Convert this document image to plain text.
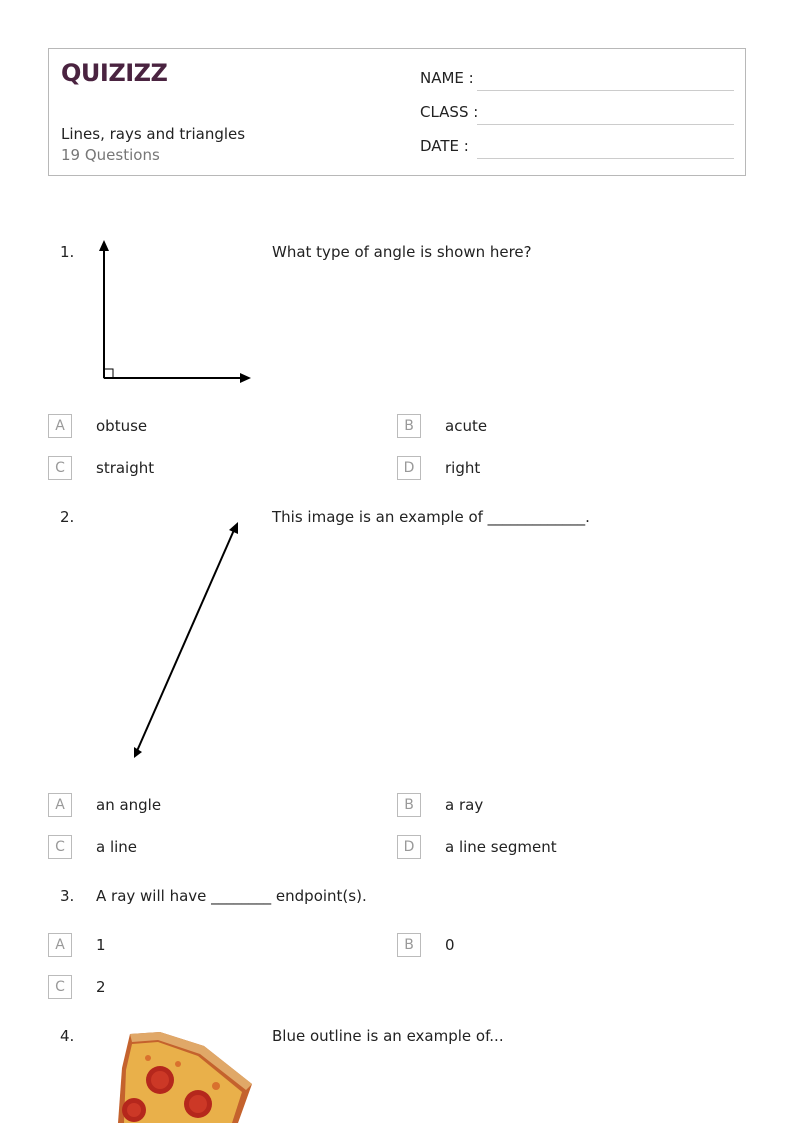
QUIZIZZ
Lines, rays and triangles
19 Questions
NAME :
CLASS :
DATE :
1.	What type of angle is shown here?
A	obtuse	B	acute
C	straight	D	right
2.	This image is an example of _____________.
A	an angle	B	a ray
C	a line	D	a line segment
3. A ray will have ________ endpoint(s).
A	1	B	0
C	2
4.	Blue outline is an example of...
